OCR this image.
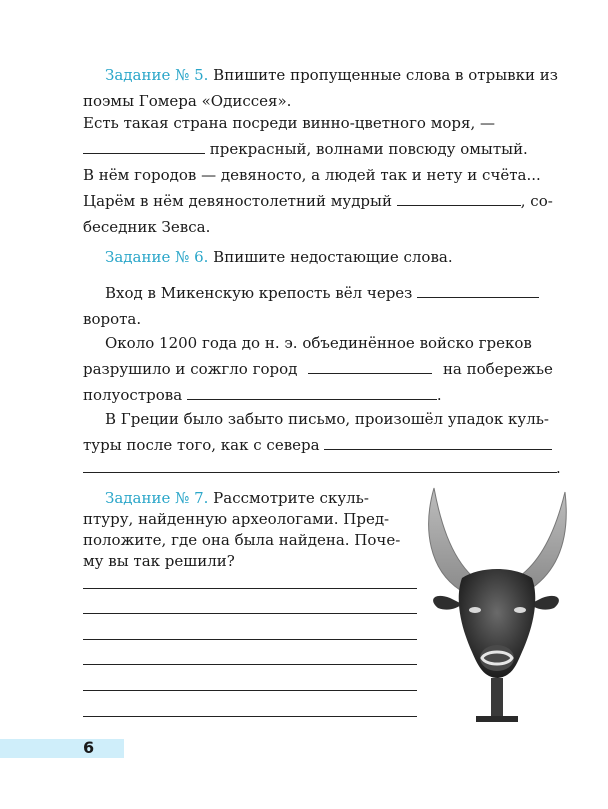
Задание № 5. Впишите пропущенные слова в отрывки из поэмы Гомера «Одиссея».

Есть такая страна посреди винно-цветного моря, —

прекрасный, волнами повсюду омытый.

В нём городов — девяносто, а людей так и нету и счёта...

Царём в нём девяностолетний мудрый	, со-

беседник Зевса.

Задание № 6. Впишите недостающие слова.

Вход в Микенскую крепость вёл через

ворота.

Около 1200 года до н. э. объединённое войско греков

разрушило и сожгло город	на побережье

полуострова	.

В Греции было забыто письмо, произошёл упадок куль-

туры после того, как с севера

.

Задание № 7. Рассмотрите скуль-

птуру, найденную археологами. Пред-

положите, где она была найдена. Поче-

му вы так решили?

6
